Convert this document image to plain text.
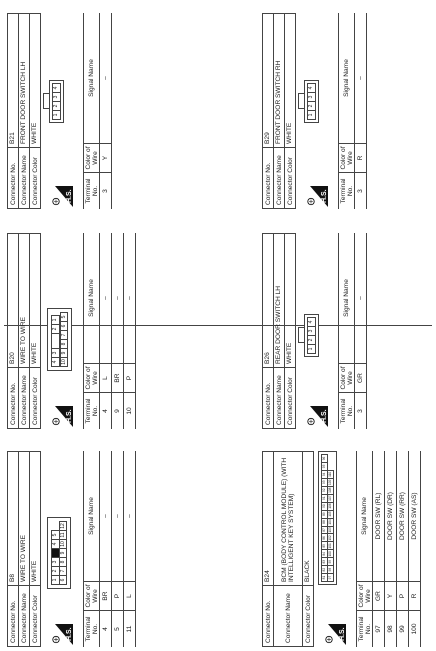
Connector No.	B8
Connector Name	WIRE TO WIRE
Connector Color	WHITE
H.S.
1	2	3		4	5	
6	7	8	9	10	11	12
Terminal No.	Color of Wire	Signal Name
4	BR	–
5	P	–
11	L	–
Connector No.	B20
Connector Name	WIRE TO WIRE
Connector Color	WHITE
H.S.
4	3		2	1
10	9	8	7	6	5
Terminal No.	Color of Wire	Signal Name
4	L	–
9	BR	–
10	P	–
Connector No.	B21
Connector Name	FRONT DOOR SWITCH LH
Connector Color	WHITE
H.S.
1	2	3	4
Terminal No.	Color of Wire	Signal Name
3	Y	–
Connector No.	B24
Connector Name	BCM (BODY CONTROL MODULE) (WITH INTELLIGENT KEY SYSTEM)
Connector Color	BLACK
H.S.
81	82	83	84	85	86	87	88	89	90	91	92	93	94	95	96
97	98	99	100	101	102	103	104	105	106	107	108	109	110		
Terminal No.	Color of Wire	Signal Name
97	GR	DOOR SW (RL)
98	Y	DOOR SW (DR)
99	P	DOOR SW (RR)
100	R	DOOR SW (AS)
Connector No.	B26
Connector Name	REAR DOOR SWITCH LH
Connector Color	WHITE
H.S.
1	2	3	4
Terminal No.	Color of Wire	Signal Name
3	GR	–
Connector No.	B29
Connector Name	FRONT DOOR SWITCH RH
Connector Color	WHITE
H.S.
1	2	3	4
Terminal No.	Color of Wire	Signal Name
3	R	–
